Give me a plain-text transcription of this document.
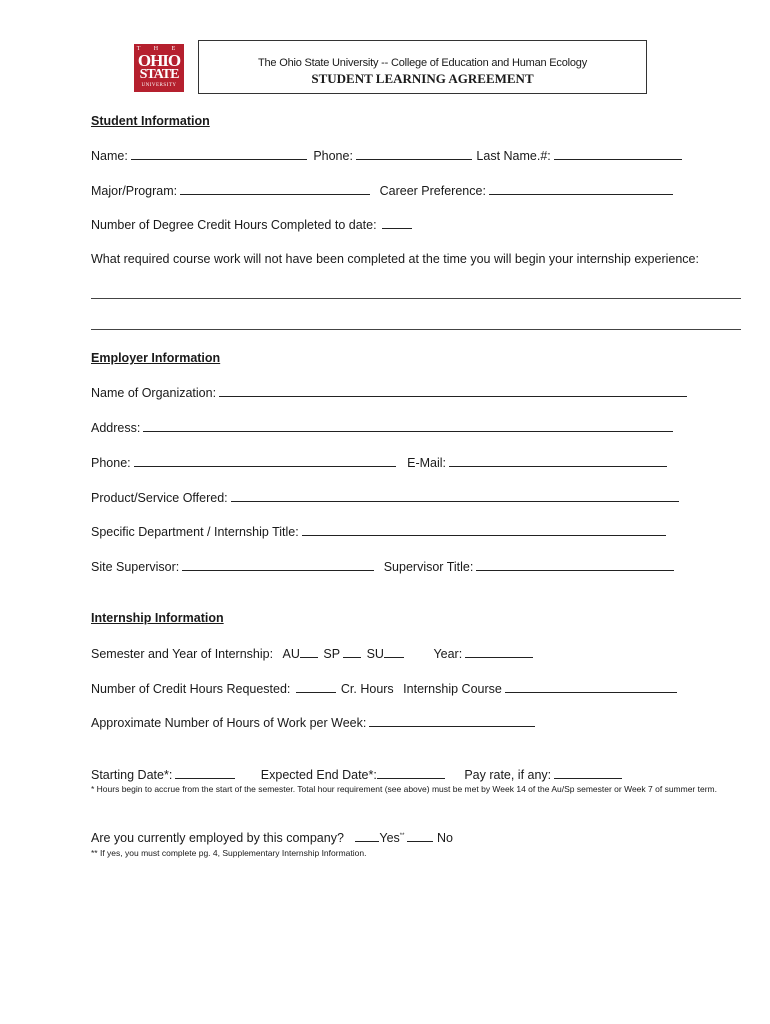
T H E
OHIO
STATE
UNIVERSITY
The Ohio State University -- College of Education and Human Ecology
STUDENT LEARNING AGREEMENT
Student Information
Name:	Phone:	Last Name.#:
Major/Program:	Career Preference:
Number of Degree Credit Hours Completed to date:
What required course work will not have been completed at the time you will begin your internship experience:
Employer Information
Name of Organization:
Address:
Phone:	E-Mail:
Product/Service Offered:
Specific Department / Internship Title:
Site Supervisor:	Supervisor Title:
Internship Information
Semester and Year of Internship: AU SP SU	Year:
Number of Credit Hours Requested:	Cr. Hours Internship Course
Approximate Number of Hours of Work per Week:
Starting Date*:	Expected End Date*:	Pay rate, if any:
* Hours begin to accrue from the start of the semester. Total hour requirement (see above) must be met by Week 14 of the Au/Sp semester or Week 7 of summer term.
Are you currently employed by this company?	Yes**	No
** If yes, you must complete pg. 4, Supplementary Internship Information.
